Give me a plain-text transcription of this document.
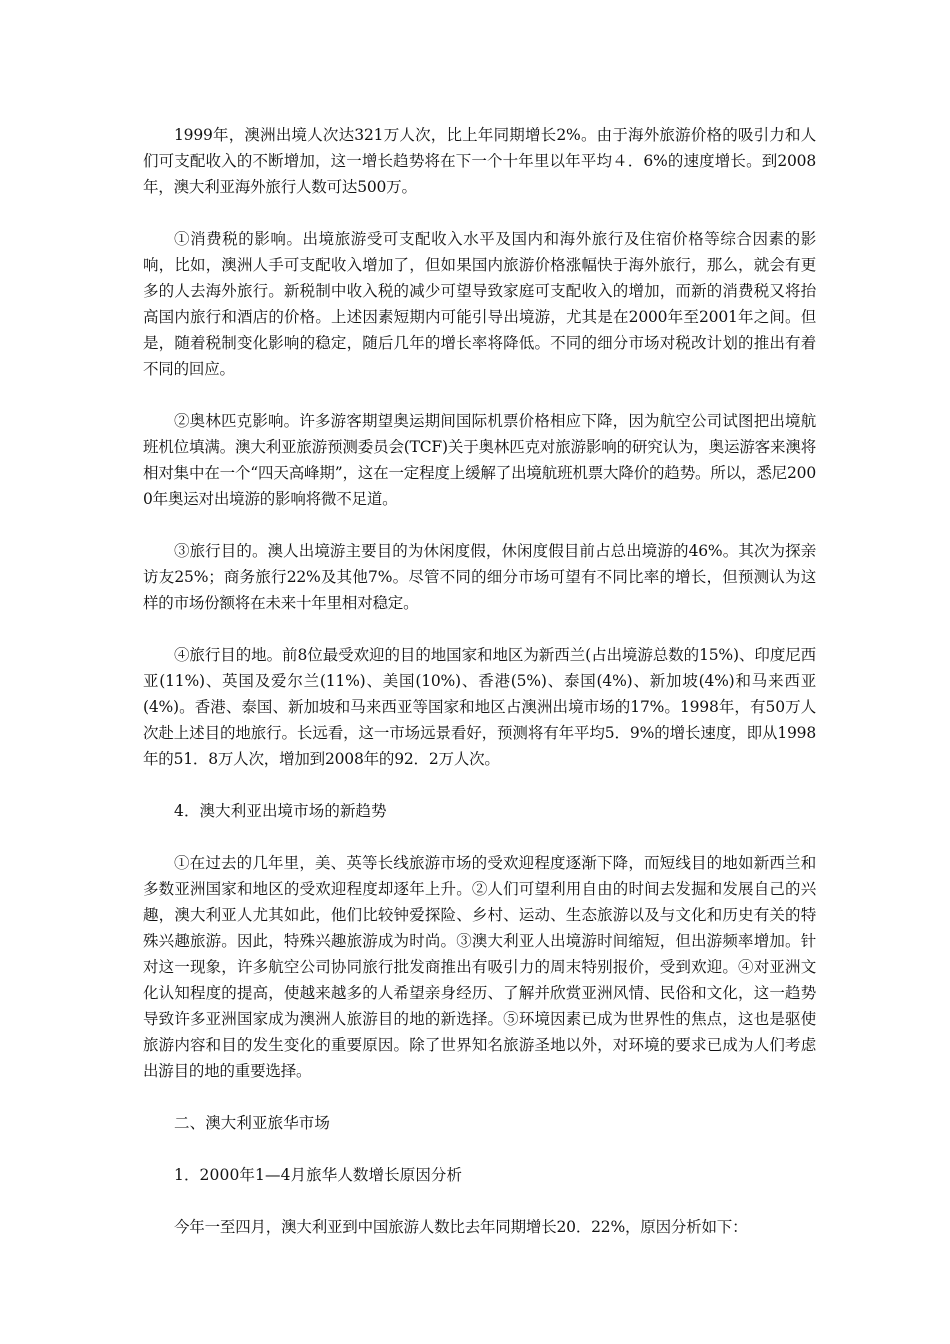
1999年，澳洲出境人次达321万人次，比上年同期增长2%。由于海外旅游价格的吸引力和人们可支配收入的不断增加，这一增长趋势将在下一个十年里以年平均４．6%的速度增长。到2008年，澳大利亚海外旅行人数可达500万。

①消费税的影响。出境旅游受可支配收入水平及国内和海外旅行及住宿价格等综合因素的影响，比如，澳洲人手可支配收入增加了，但如果国内旅游价格涨幅快于海外旅行，那么，就会有更多的人去海外旅行。新税制中收入税的减少可望导致家庭可支配收入的增加，而新的消费税又将抬高国内旅行和酒店的价格。上述因素短期内可能引导出境游，尤其是在2000年至2001年之间。但是，随着税制变化影响的稳定，随后几年的增长率将降低。不同的细分市场对税改计划的推出有着不同的回应。

②奥林匹克影响。许多游客期望奥运期间国际机票价格相应下降，因为航空公司试图把出境航班机位填满。澳大利亚旅游预测委员会(TCF)关于奥林匹克对旅游影响的研究认为，奥运游客来澳将相对集中在一个“四天高峰期”，这在一定程度上缓解了出境航班机票大降价的趋势。所以，悉尼2000年奥运对出境游的影响将微不足道。

③旅行目的。澳人出境游主要目的为休闲度假，休闲度假目前占总出境游的46%。其次为探亲访友25%；商务旅行22%及其他7%。尽管不同的细分市场可望有不同比率的增长，但预测认为这样的市场份额将在未来十年里相对稳定。

④旅行目的地。前8位最受欢迎的目的地国家和地区为新西兰(占出境游总数的15%)、印度尼西亚(11%)、英国及爱尔兰(11%)、美国(10%)、香港(5%)、泰国(4%)、新加坡(4%)和马来西亚(4%)。香港、泰国、新加坡和马来西亚等国家和地区占澳洲出境市场的17%。1998年，有50万人次赴上述目的地旅行。长远看，这一市场远景看好，预测将有年平均5．9%的增长速度，即从1998年的51．8万人次，增加到2008年的92．2万人次。

4．澳大利亚出境市场的新趋势

①在过去的几年里，美、英等长线旅游市场的受欢迎程度逐渐下降，而短线目的地如新西兰和多数亚洲国家和地区的受欢迎程度却逐年上升。②人们可望利用自由的时间去发掘和发展自己的兴趣，澳大利亚人尤其如此，他们比较钟爱探险、乡村、运动、生态旅游以及与文化和历史有关的特殊兴趣旅游。因此，特殊兴趣旅游成为时尚。③澳大利亚人出境游时间缩短，但出游频率增加。针对这一现象，许多航空公司协同旅行批发商推出有吸引力的周末特别报价，受到欢迎。④对亚洲文化认知程度的提高，使越来越多的人希望亲身经历、了解并欣赏亚洲风情、民俗和文化，这一趋势导致许多亚洲国家成为澳洲人旅游目的地的新选择。⑤环境因素已成为世界性的焦点，这也是驱使旅游内容和目的发生变化的重要原因。除了世界知名旅游圣地以外，对环境的要求已成为人们考虑出游目的地的重要选择。

二、澳大利亚旅华市场

1．2000年1—4月旅华人数增长原因分析

今年一至四月，澳大利亚到中国旅游人数比去年同期增长20．22%，原因分析如下：
